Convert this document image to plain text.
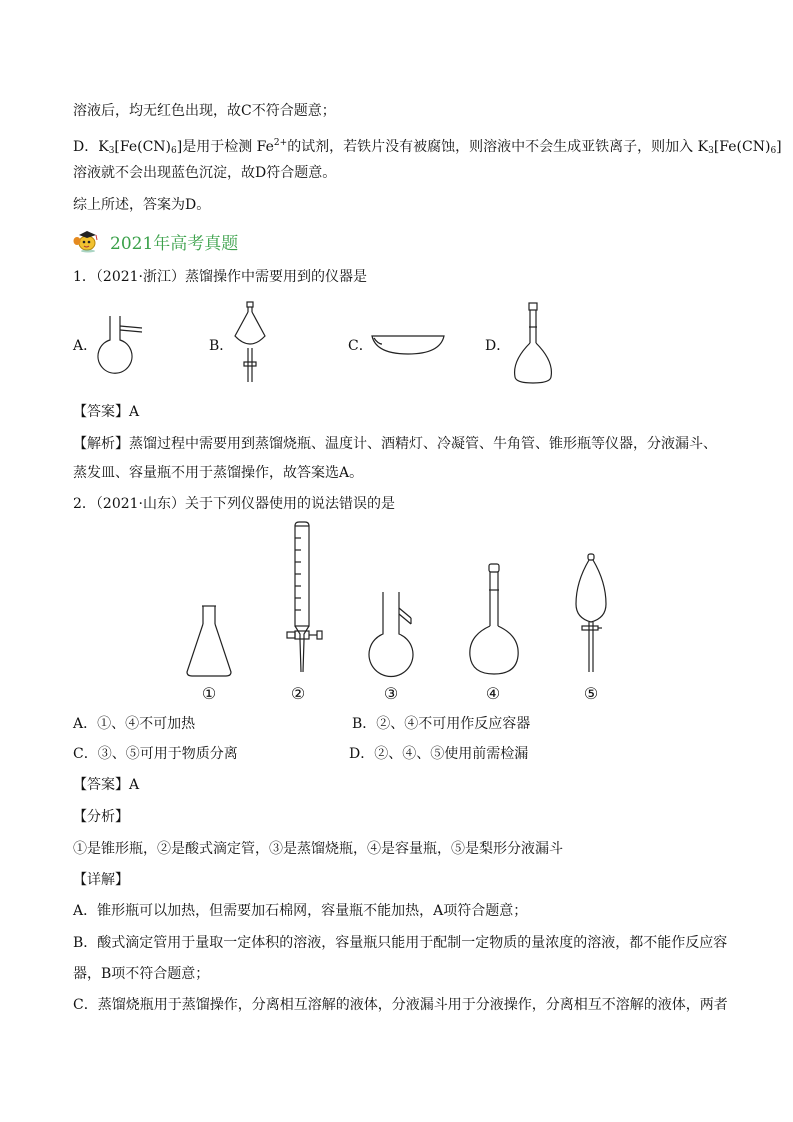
溶液后，均无红色出现，故C不符合题意；
D．$K_3[Fe(CN)_6]$是用于检测 $Fe^{2+}$的试剂，若铁片没有被腐蚀，则溶液中不会生成亚铁离子，则加入 $K_3[Fe(CN)_6]$
溶液就不会出现蓝色沉淀，故D符合题意。
综上所述，答案为D。
2021年高考真题
1．（2021·浙江）蒸馏操作中需要用到的仪器是
A．	B．	C．	D．
【答案】A
【解析】蒸馏过程中需要用到蒸馏烧瓶、温度计、酒精灯、冷凝管、牛角管、锥形瓶等仪器，分液漏斗、
蒸发皿、容量瓶不用于蒸馏操作，故答案选A。
2．（2021·山东）关于下列仪器使用的说法错误的是
①	②	③	④	⑤
A．①、④不可加热	B．②、④不可用作反应容器
C．③、⑤可用于物质分离	D．②、④、⑤使用前需检漏
【答案】A
【分析】
①是锥形瓶，②是酸式滴定管，③是蒸馏烧瓶，④是容量瓶，⑤是梨形分液漏斗
【详解】
A．锥形瓶可以加热，但需要加石棉网，容量瓶不能加热，A项符合题意；
B．酸式滴定管用于量取一定体积的溶液，容量瓶只能用于配制一定物质的量浓度的溶液，都不能作反应容
器，B项不符合题意；
C．蒸馏烧瓶用于蒸馏操作，分离相互溶解的液体，分液漏斗用于分液操作，分离相互不溶解的液体，两者
